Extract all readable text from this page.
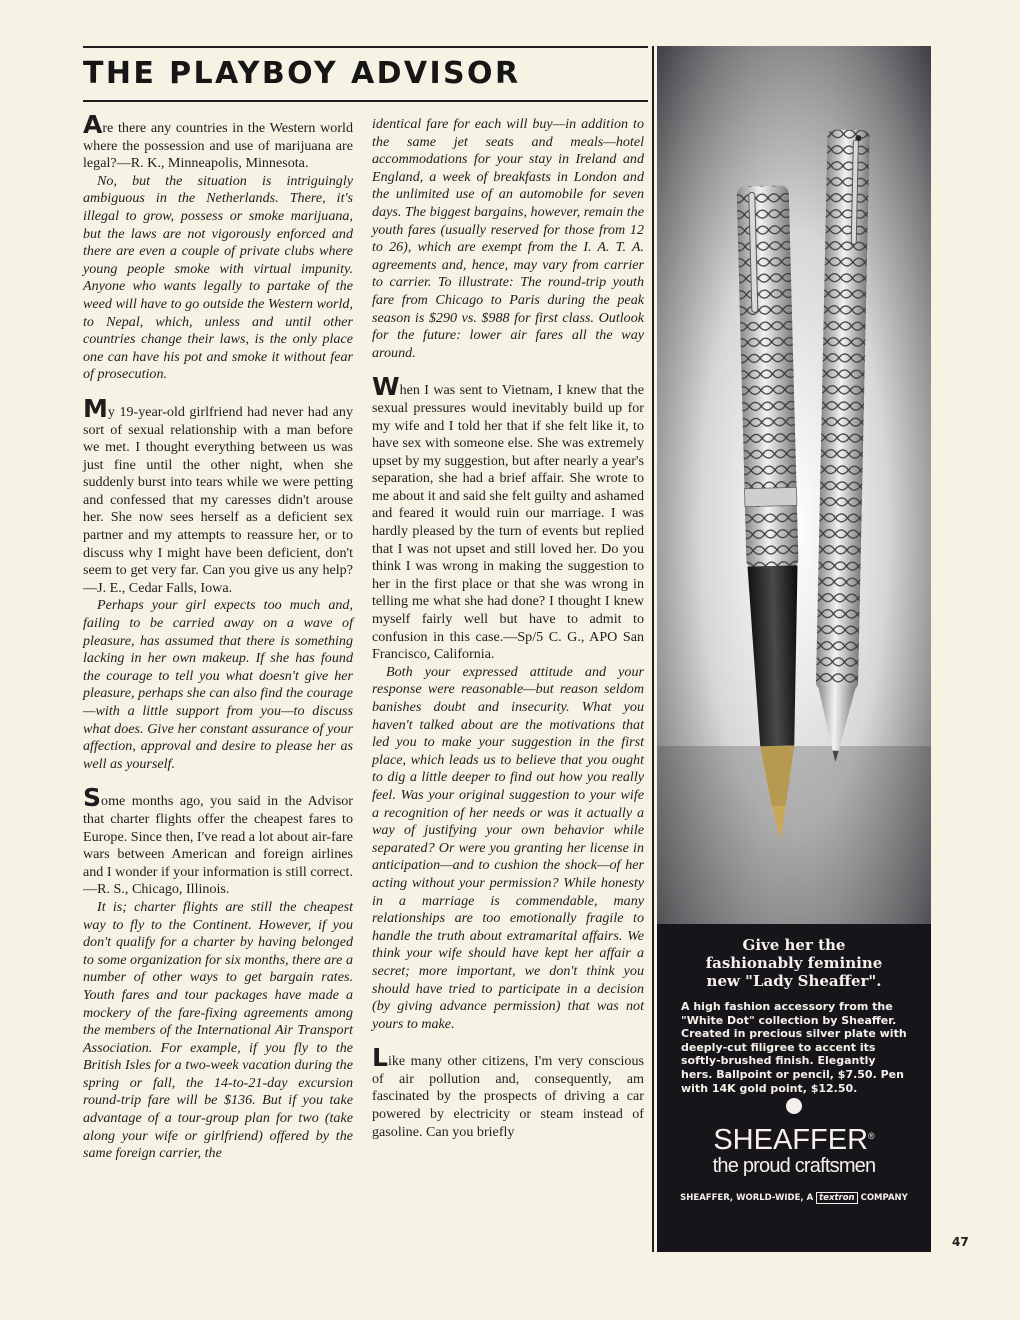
THE PLAYBOY ADVISOR

Are there any countries in the Western world where the possession and use of marijuana are legal?—R. K., Minneapolis, Minnesota.

No, but the situation is intriguingly ambiguous in the Netherlands. There, it's illegal to grow, possess or smoke marijuana, but the laws are not vigorously enforced and there are even a couple of private clubs where young people smoke with virtual impunity. Anyone who wants legally to partake of the weed will have to go outside the Western world, to Nepal, which, unless and until other countries change their laws, is the only place one can have his pot and smoke it without fear of prosecution.

My 19-year-old girlfriend had never had any sort of sexual relationship with a man before we met. I thought everything between us was just fine until the other night, when she suddenly burst into tears while we were petting and confessed that my caresses didn't arouse her. She now sees herself as a deficient sex partner and my attempts to reassure her, or to discuss why I might have been deficient, don't seem to get very far. Can you give us any help?—J. E., Cedar Falls, Iowa.

Perhaps your girl expects too much and, failing to be carried away on a wave of pleasure, has assumed that there is something lacking in her own makeup. If she has found the courage to tell you what doesn't give her pleasure, perhaps she can also find the courage—with a little support from you—to discuss what does. Give her constant assurance of your affection, approval and desire to please her as well as yourself.

Some months ago, you said in the Advisor that charter flights offer the cheapest fares to Europe. Since then, I've read a lot about air-fare wars between American and foreign airlines and I wonder if your information is still correct.—R. S., Chicago, Illinois.

It is; charter flights are still the cheapest way to fly to the Continent. However, if you don't qualify for a charter by having belonged to some organization for six months, there are a number of other ways to get bargain rates. Youth fares and tour packages have made a mockery of the fare-fixing agreements among the members of the International Air Transport Association. For example, if you fly to the British Isles for a two-week vacation during the spring or fall, the 14-to-21-day excursion round-trip fare will be $136. But if you take advantage of a tour-group plan for two (take along your wife or girlfriend) offered by the same foreign carrier, the

identical fare for each will buy—in addition to the same jet seats and meals—hotel accommodations for your stay in Ireland and England, a week of breakfasts in London and the unlimited use of an automobile for seven days. The biggest bargains, however, remain the youth fares (usually reserved for those from 12 to 26), which are exempt from the I. A. T. A. agreements and, hence, may vary from carrier to carrier. To illustrate: The round-trip youth fare from Chicago to Paris during the peak season is $290 vs. $988 for first class. Outlook for the future: lower air fares all the way around.

When I was sent to Vietnam, I knew that the sexual pressures would inevitably build up for my wife and I told her that if she felt like it, to have sex with someone else. She was extremely upset by my suggestion, but after nearly a year's separation, she had a brief affair. She wrote to me about it and said she felt guilty and ashamed and feared it would ruin our marriage. I was hardly pleased by the turn of events but replied that I was not upset and still loved her. Do you think I was wrong in making the suggestion to her in the first place or that she was wrong in telling me what she had done? I thought I knew myself fairly well but have to admit to confusion in this case.—Sp/5 C. G., APO San Francisco, California.

Both your expressed attitude and your response were reasonable—but reason seldom banishes doubt and insecurity. What you haven't talked about are the motivations that led you to make your suggestion in the first place, which leads us to believe that you ought to dig a little deeper to find out how you really feel. Was your original suggestion to your wife a recognition of her needs or was it actually a way of justifying your own behavior while separated? Or were you granting her license in anticipation—and to cushion the shock—of her acting without your permission? While honesty in a marriage is commendable, many relationships are too emotionally fragile to handle the truth about extramarital affairs. We think your wife should have kept her affair a secret; more important, we don't think you should have tried to participate in a decision (by giving advance permission) that was not yours to make.

Like many other citizens, I'm very conscious of air pollution and, consequently, am fascinated by the prospects of driving a car powered by electricity or steam instead of gasoline. Can you briefly

Give her the
fashionably feminine
new "Lady Sheaffer".
A high fashion accessory from the
"White Dot" collection by Sheaffer.
Created in precious silver plate with
deeply-cut filigree to accent its
softly-brushed finish. Elegantly
hers. Ballpoint or pencil, $7.50. Pen
with 14K gold point, $12.50.
SHEAFFER®
the proud craftsmen
SHEAFFER, WORLD-WIDE, A textron COMPANY
47
